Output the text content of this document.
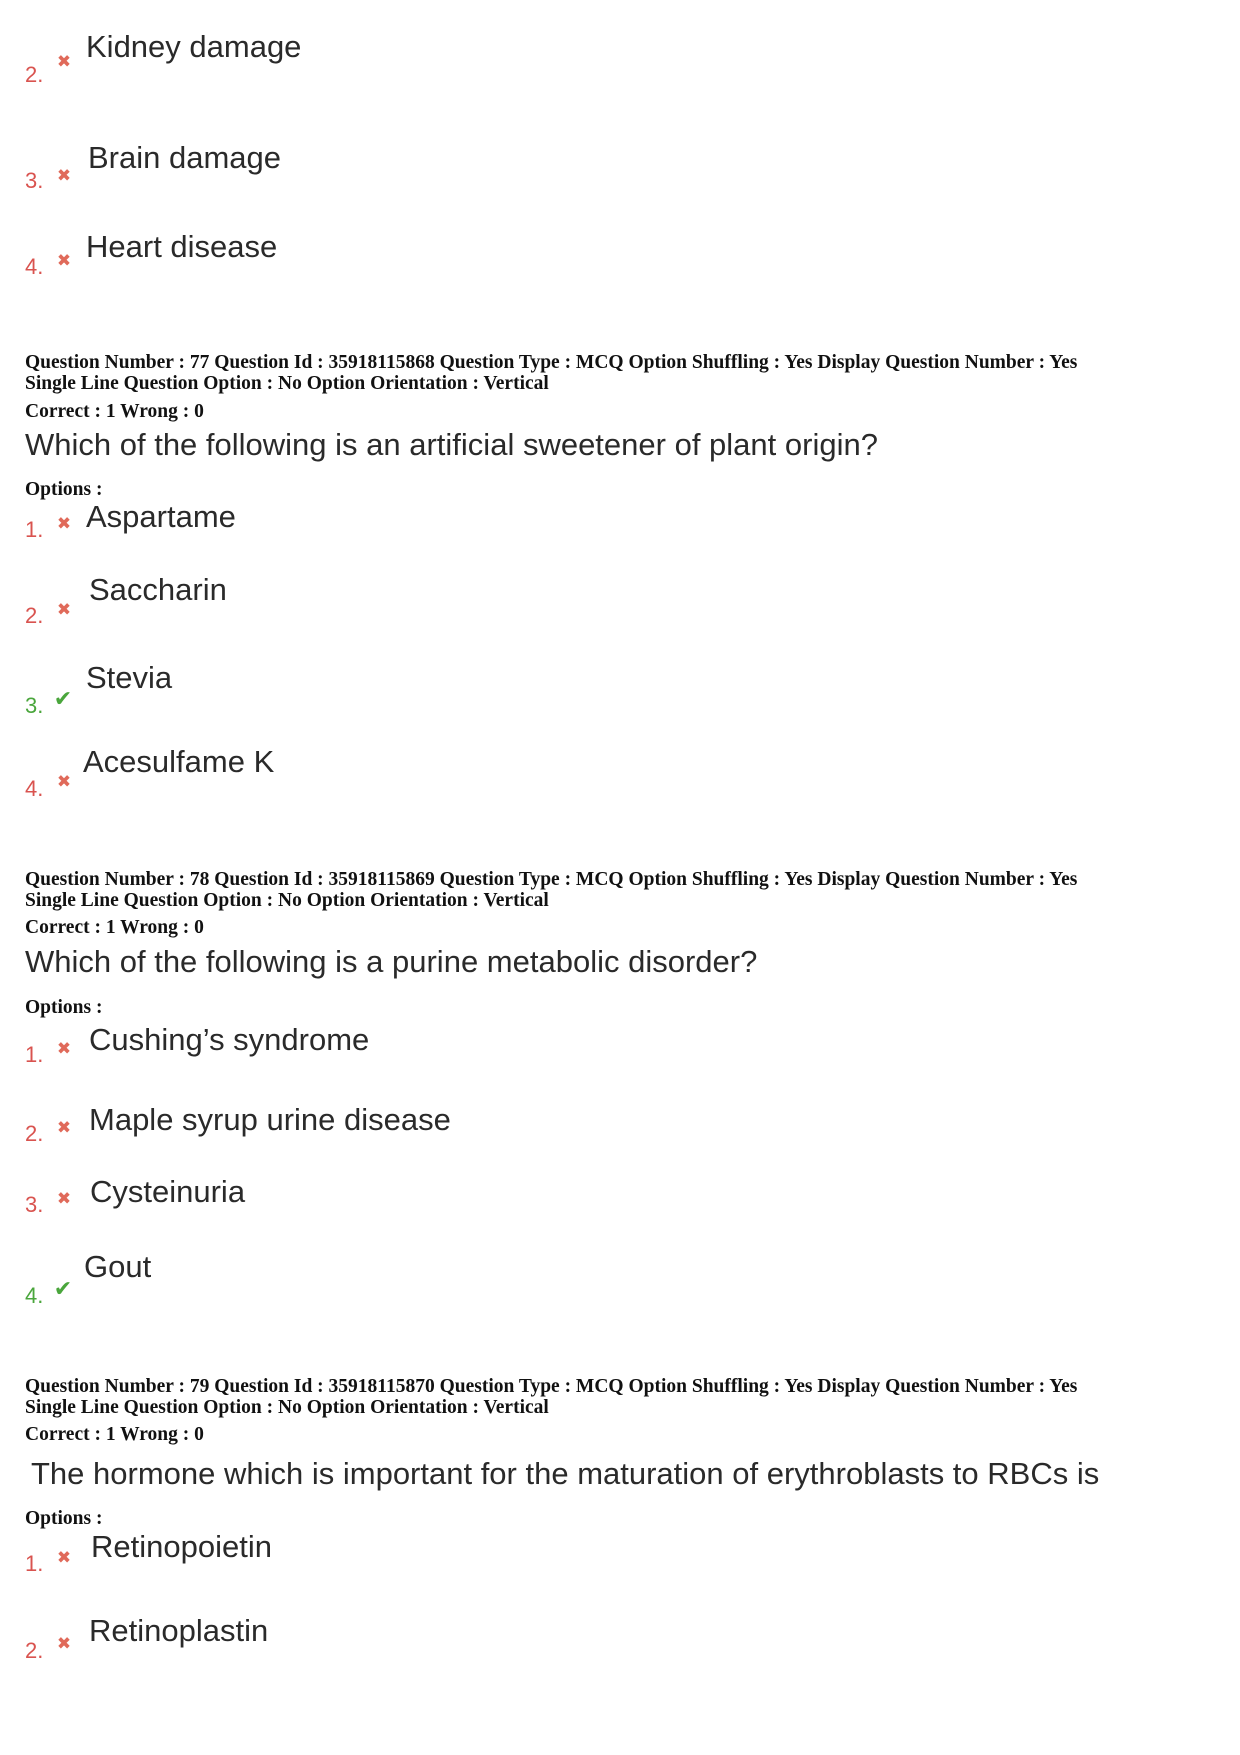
2. ✖ Kidney damage
3. ✖
Brain damage
4. ✖ Heart disease
Question Number : 77 Question Id : 35918115868 Question Type : MCQ Option Shuffling : Yes Display Question Number : Yes
Single Line Question Option : No Option Orientation : Vertical
Correct : 1 Wrong : 0
Which of the following is an artificial sweetener of plant origin?
Options :
1. ✖ Aspartame
2. ✖
Saccharin
3. ✔
Stevia
4. ✖
Acesulfame K
Question Number : 78 Question Id : 35918115869 Question Type : MCQ Option Shuffling : Yes Display Question Number : Yes
Single Line Question Option : No Option Orientation : Vertical
Correct : 1 Wrong : 0
Which of the following is a purine metabolic disorder?
Options :
1. ✖ Cushing’s syndrome
2. ✖ Maple syrup urine disease
3. ✖ Cysteinuria
4. ✔
Gout
Question Number : 79 Question Id : 35918115870 Question Type : MCQ Option Shuffling : Yes Display Question Number : Yes
Single Line Question Option : No Option Orientation : Vertical
Correct : 1 Wrong : 0
The hormone which is important for the maturation of erythroblasts to RBCs is
Options :
1. ✖ Retinopoietin
2. ✖ Retinoplastin
